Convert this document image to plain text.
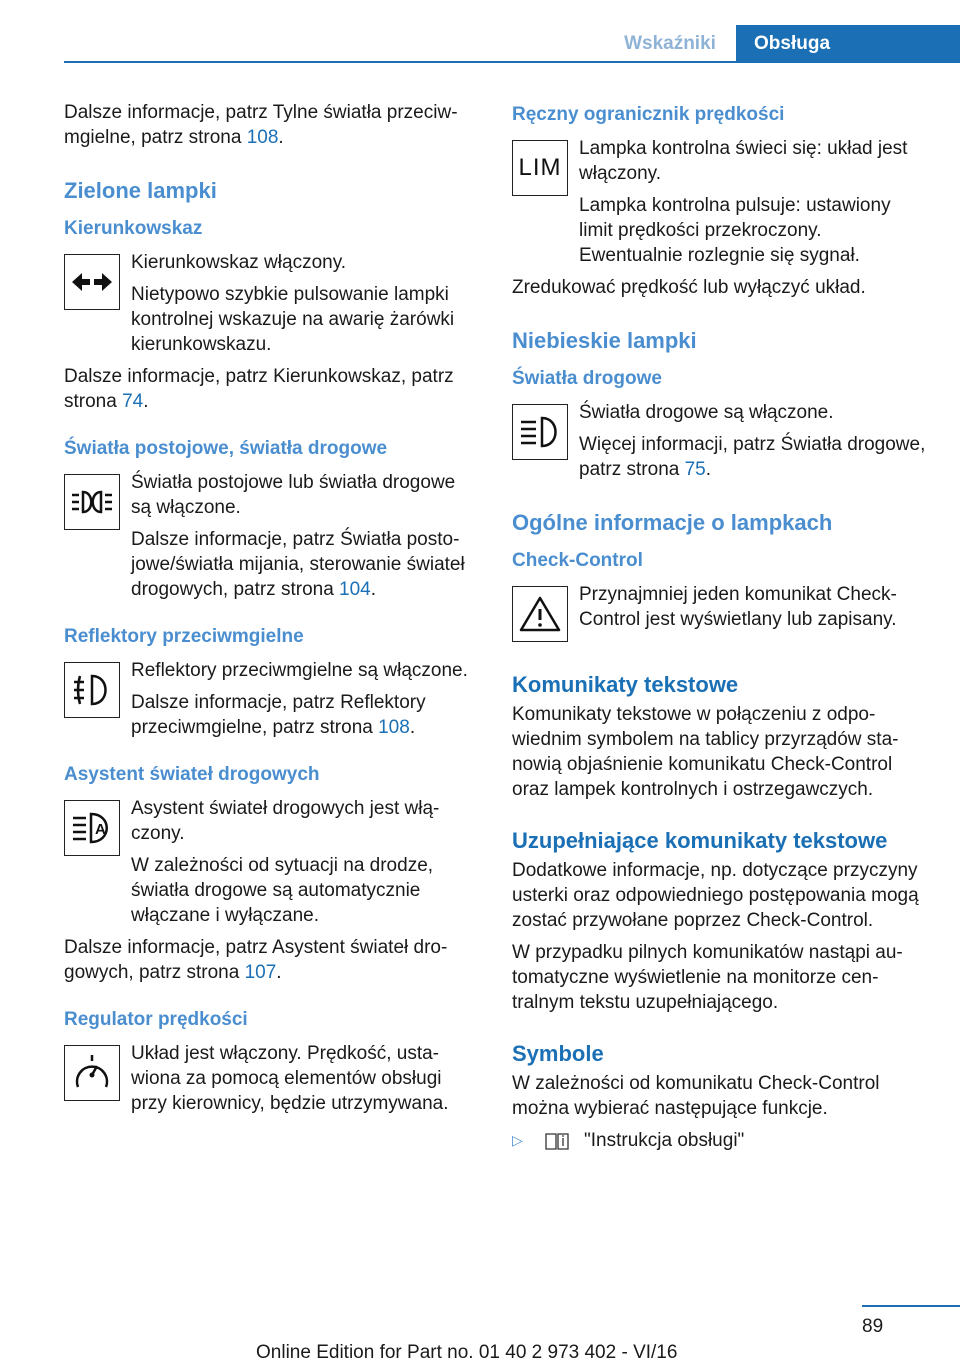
Wskaźniki	Obsługa

Dalsze informacje, patrz Tylne światła przeciwmgielne, patrz strona 108.

Zielone lampki
Kierunkowskaz

Kierunkowskaz włączony.

Nietypowo szybkie pulsowanie lampki kontrolnej wskazuje na awarię żarówki kierunkowskazu.

Dalsze informacje, patrz Kierunkowskaz, patrz strona 74.

Światła postojowe, światła drogowe

Światła postojowe lub światła drogowe są włączone.

Dalsze informacje, patrz Światła postojowe/światła mijania, sterowanie świateł drogowych, patrz strona 104.

Reflektory przeciwmgielne

Reflektory przeciwmgielne są włączone.

Dalsze informacje, patrz Reflektory przeciwmgielne, patrz strona 108.

Asystent świateł drogowych
A

Asystent świateł drogowych jest włączony.

W zależności od sytuacji na drodze, światła drogowe są automatycznie włączane i wyłączane.

Dalsze informacje, patrz Asystent świateł drogowych, patrz strona 107.

Regulator prędkości

Układ jest włączony. Prędkość, ustawiona za pomocą elementów obsługi przy kierownicy, będzie utrzymywana.

Ręczny ogranicznik prędkości
LIM

Lampka kontrolna świeci się: układ jest włączony.

Lampka kontrolna pulsuje: ustawiony limit prędkości przekroczony. Ewentualnie rozlegnie się sygnał.

Zredukować prędkość lub wyłączyć układ.

Niebieskie lampki
Światła drogowe

Światła drogowe są włączone.

Więcej informacji, patrz Światła drogowe, patrz strona 75.

Ogólne informacje o lampkach
Check-Control

Przynajmniej jeden komunikat Check-Control jest wyświetlany lub zapisany.

Komunikaty tekstowe

Komunikaty tekstowe w połączeniu z odpowiednim symbolem na tablicy przyrządów stanowią objaśnienie komunikatu Check-Control oraz lampek kontrolnych i ostrzegawczych.

Uzupełniające komunikaty tekstowe

Dodatkowe informacje, np. dotyczące przyczyny usterki oraz odpowiedniego postępowania mogą zostać przywołane poprzez Check-Control.

W przypadku pilnych komunikatów nastąpi automatyczne wyświetlenie na monitorze centralnym tekstu uzupełniającego.

Symbole

W zależności od komunikatu Check-Control można wybierać następujące funkcje.

▷	"Instrukcja obsługi"
89
Online Edition for Part no. 01 40 2 973 402 - VI/16
